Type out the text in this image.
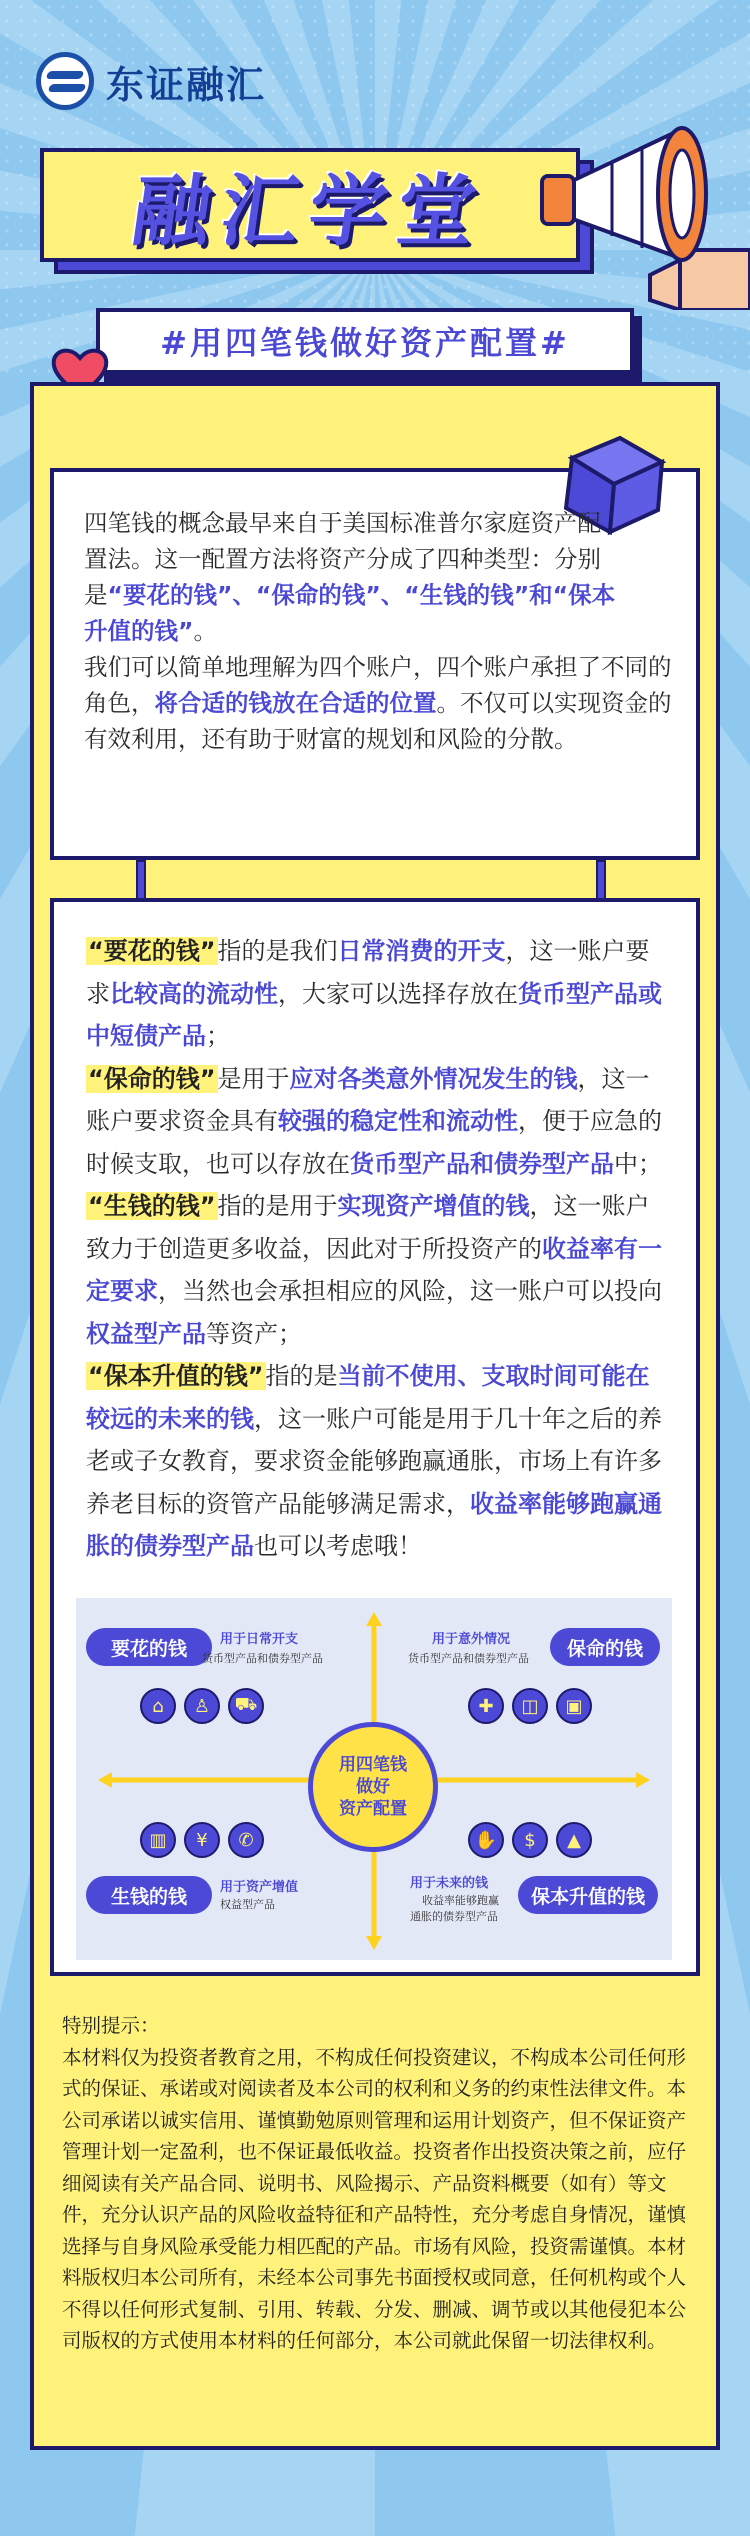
东证融汇
融汇学堂
#用四笔钱做好资产配置#

四笔钱的概念最早来自于美国标准普尔家庭资产配置法。这一配置方法将资产分成了四种类型：分别是“要花的钱”、“保命的钱”、“生钱的钱”和“保本升值的钱”。

我们可以简单地理解为四个账户，四个账户承担了不同的角色，将合适的钱放在合适的位置。不仅可以实现资金的有效利用，还有助于财富的规划和风险的分散。

“要花的钱”指的是我们日常消费的开支，这一账户要求比较高的流动性，大家可以选择存放在货币型产品或中短债产品；

“保命的钱”是用于应对各类意外情况发生的钱，这一账户要求资金具有较强的稳定性和流动性，便于应急的时候支取，也可以存放在货币型产品和债券型产品中；

“生钱的钱”指的是用于实现资产增值的钱，这一账户致力于创造更多收益，因此对于所投资产的收益率有一定要求，当然也会承担相应的风险，这一账户可以投向权益型产品等资产；

“保本升值的钱”指的是当前不使用、支取时间可能在较远的未来的钱，这一账户可能是用于几十年之后的养老或子女教育，要求资金能够跑赢通胀，市场上有许多养老目标的资管产品能够满足需求，收益率能够跑赢通胀的债券型产品也可以考虑哦！

要花的钱	用于日常开支
货币型产品和债券型产品	保命的钱
用于意外情况
货币型产品和债券型产品
生钱的钱	用于资产增值
权益型产品	保本升值的钱
用于未来的钱
收益率能够跑赢
通胀的债券型产品
⌂	♙	⛟	✚	◫	▣
▥	¥	✆	✋	$	▲
用四笔钱
做好
资产配置

特别提示：

本材料仅为投资者教育之用，不构成任何投资建议，不构成本公司任何形式的保证、承诺或对阅读者及本公司的权利和义务的约束性法律文件。本公司承诺以诚实信用、谨慎勤勉原则管理和运用计划资产，但不保证资产管理计划一定盈利，也不保证最低收益。投资者作出投资决策之前，应仔细阅读有关产品合同、说明书、风险揭示、产品资料概要（如有）等文件，充分认识产品的风险收益特征和产品特性，充分考虑自身情况，谨慎选择与自身风险承受能力相匹配的产品。市场有风险，投资需谨慎。本材料版权归本公司所有，未经本公司事先书面授权或同意，任何机构或个人不得以任何形式复制、引用、转载、分发、删减、调节或以其他侵犯本公司版权的方式使用本材料的任何部分，本公司就此保留一切法律权利。
